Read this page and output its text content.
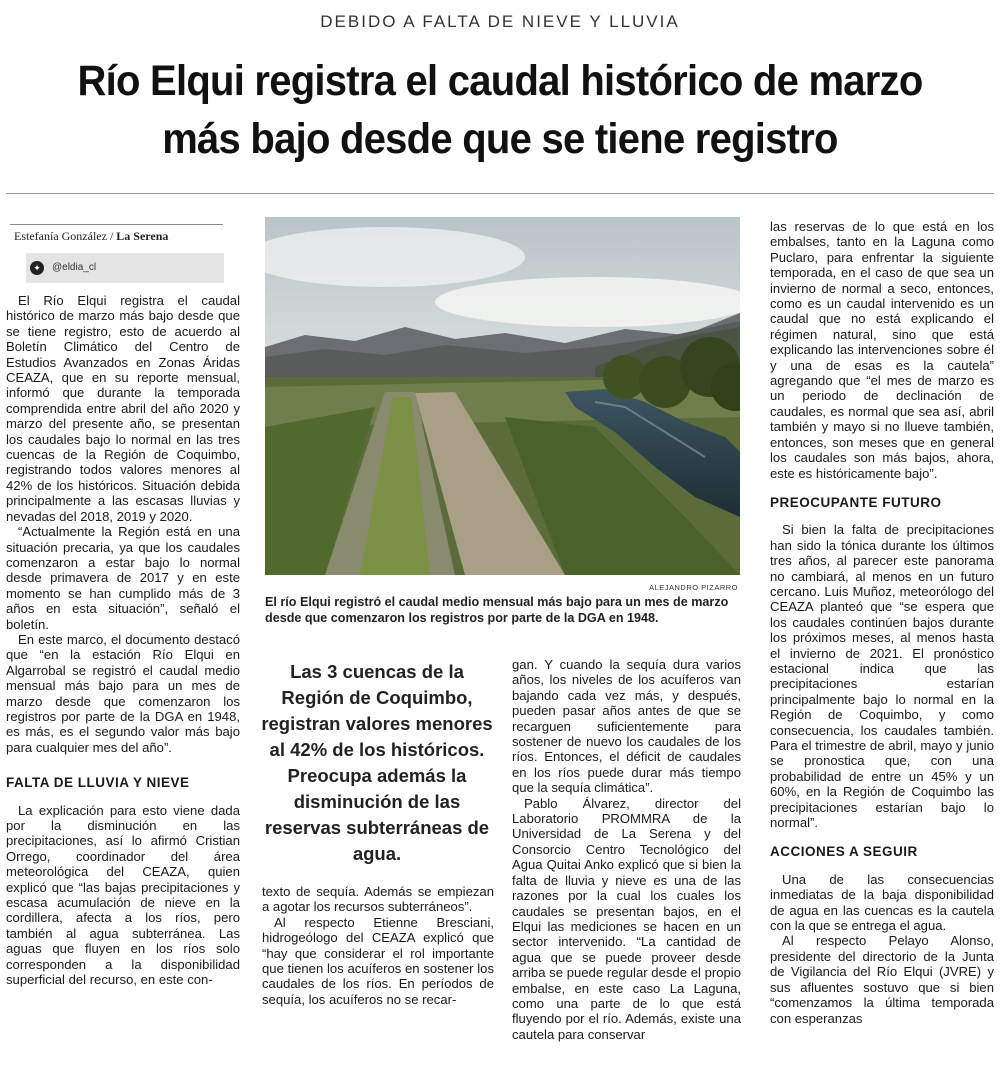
DEBIDO A FALTA DE NIEVE Y LLUVIA
Río Elqui registra el caudal histórico de marzo
más bajo desde que se tiene registro
Estefanía González / La Serena
✦	@eldia_cl

El Río Elqui registra el caudal histórico de marzo más bajo desde que se tiene registro, esto de acuerdo al Boletín Climático del Centro de Estudios Avanzados en Zonas Áridas CEAZA, que en su reporte mensual, informó que durante la temporada comprendida entre abril del año 2020 y marzo del presente año, se presentan los caudales bajo lo normal en las tres cuencas de la Región de Coquimbo, registrando todos valores menores al 42% de los históricos. Situación debida principalmente a las escasas lluvias y nevadas del 2018, 2019 y 2020.

“Actualmente la Región está en una situación precaria, ya que los caudales comenzaron a estar bajo lo normal desde primavera de 2017 y en este momento se han cumplido más de 3 años en esta situación”, señaló el boletín.

En este marco, el documento destacó que “en la estación Río Elqui en Algarrobal se registró el caudal medio mensual más bajo para un mes de marzo desde que comenzaron los registros por parte de la DGA en 1948, es más, es el segundo valor más bajo para cualquier mes del año”.

FALTA DE LLUVIA Y NIEVE

La explicación para esto viene dada por la disminución en las precipitaciones, así lo afirmó Cristian Orrego, coordinador del área meteorológica del CEAZA, quien explicó que “las bajas precipitaciones y escasa acumulación de nieve en la cordillera, afecta a los ríos, pero también al agua subterránea. Las aguas que fluyen en los ríos solo corresponden a la disponibilidad superficial del recurso, en este con-

ALEJANDRO PIZARRO
El río Elqui registró el caudal medio mensual más bajo para un mes de marzo desde que comenzaron los registros por parte de la DGA en 1948.
Las 3 cuencas de la Región de Coquimbo, registran valores menores al 42% de los históricos. Preocupa además la disminución de las reservas subterráneas de agua.

texto de sequía. Además se empiezan a agotar los recursos subterráneos”.

Al respecto Etienne Bresciani, hidrogeólogo del CEAZA explicó que “hay que considerar el rol importante que tienen los acuíferos en sostener los caudales de los ríos. En períodos de sequía, los acuíferos no se recar-

gan. Y cuando la sequía dura varios años, los niveles de los acuíferos van bajando cada vez más, y después, pueden pasar años antes de que se recarguen suficientemente para sostener de nuevo los caudales de los ríos. Entonces, el déficit de caudales en los ríos puede durar más tiempo que la sequía climática”.

Pablo Álvarez, director del Laboratorio PROMMRA de la Universidad de La Serena y del Consorcio Centro Tecnológico del Agua Quitai Anko explicó que si bien la falta de lluvia y nieve es una de las razones por la cual los cuales los caudales se presentan bajos, en el Elqui las mediciones se hacen en un sector intervenido. “La cantidad de agua que se puede proveer desde arriba se puede regular desde el propio embalse, en este caso La Laguna, como una parte de lo que está fluyendo por el río. Además, existe una cautela para conservar

las reservas de lo que está en los embalses, tanto en la Laguna como Puclaro, para enfrentar la siguiente temporada, en el caso de que sea un invierno de normal a seco, entonces, como es un caudal intervenido es un caudal que no está explicando el régimen natural, sino que está explicando las intervenciones sobre él y una de esas es la cautela” agregando que “el mes de marzo es un periodo de declinación de caudales, es normal que sea así, abril también y mayo si no llueve también, entonces, son meses que en general los caudales son más bajos, ahora, este es históricamente bajo”.

PREOCUPANTE FUTURO

Si bien la falta de precipitaciones han sido la tónica durante los últimos tres años, al parecer este panorama no cambiará, al menos en un futuro cercano. Luis Muñoz, meteorólogo del CEAZA planteó que “se espera que los caudales continúen bajos durante los próximos meses, al menos hasta el invierno de 2021. El pronóstico estacional indica que las precipitaciones estarían principalmente bajo lo normal en la Región de Coquimbo, y como consecuencia, los caudales también. Para el trimestre de abril, mayo y junio se pronostica que, con una probabilidad de entre un 45% y un 60%, en la Región de Coquimbo las precipitaciones estarían bajo lo normal”.

ACCIONES A SEGUIR

Una de las consecuencias inmediatas de la baja disponibilidad de agua en las cuencas es la cautela con la que se entrega el agua.

Al respecto Pelayo Alonso, presidente del directorio de la Junta de Vigilancia del Río Elqui (JVRE) y sus afluentes sostuvo que si bien “comenzamos la última temporada con esperanzas
